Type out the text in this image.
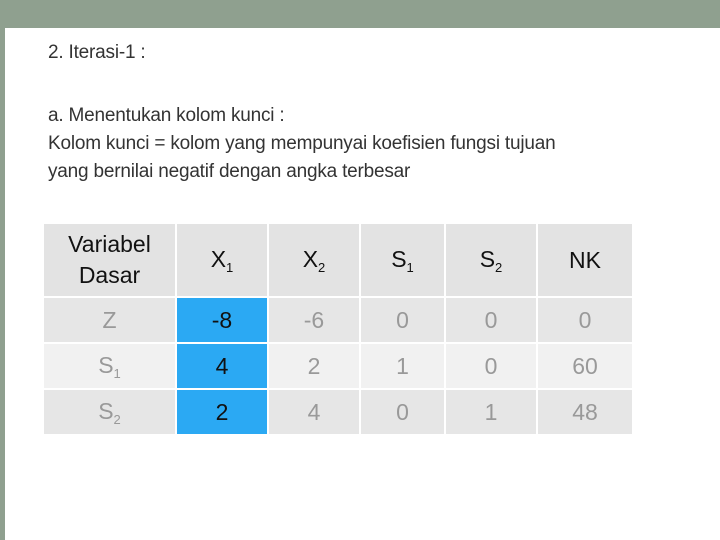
2. Iterasi-1 :
a. Menentukan kolom kunci :
Kolom kunci = kolom yang mempunyai koefisien fungsi tujuan
yang bernilai negatif dengan angka terbesar
Variabel
Dasar	$X_1$	$X_2$	$S_1$	$S_2$	NK
Z	-8	-6	0	0	0
$S_1$	4	2	1	0	60
$S_2$	2	4	0	1	48
